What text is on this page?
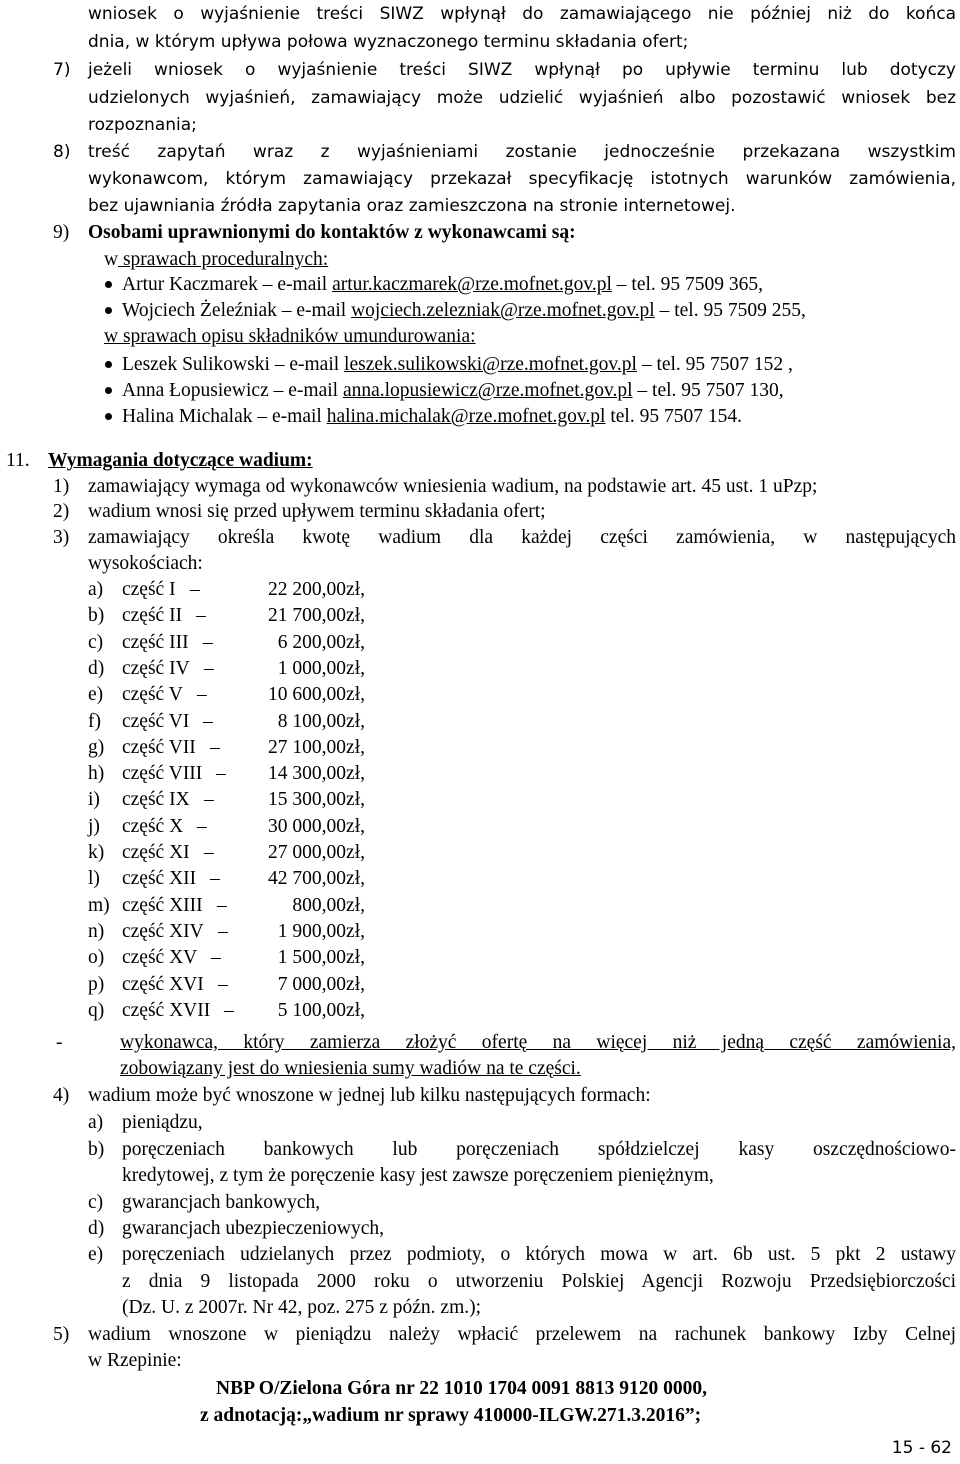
wniosek o wyjaśnienie treści SIWZ wpłynął do zamawiającego nie później niż do końca
dnia, w którym upływa połowa wyznaczonego terminu składania ofert;
7) jeżeli wniosek o wyjaśnienie treści SIWZ wpłynął po upływie terminu lub dotyczy
udzielonych wyjaśnień, zamawiający może udzielić wyjaśnień albo pozostawić wniosek bez
rozpoznania;
8) treść zapytań wraz z wyjaśnieniami zostanie jednocześnie przekazana wszystkim
wykonawcom, którym zamawiający przekazał specyfikację istotnych warunków zamówienia,
bez ujawniania źródła zapytania oraz zamieszczona na stronie internetowej.
9) Osobami uprawnionymi do kontaktów z wykonawcami są:
w sprawach proceduralnych:
Artur Kaczmarek – e-mail artur.kaczmarek@rze.mofnet.gov.pl – tel. 95 7509 365,
Wojciech Żeleźniak – e-mail wojciech.zelezniak@rze.mofnet.gov.pl – tel. 95 7509 255,
w sprawach opisu składników umundurowania:
Leszek Sulikowski – e-mail leszek.sulikowski@rze.mofnet.gov.pl – tel. 95 7507 152 ,
Anna Łopusiewicz – e-mail anna.lopusiewicz@rze.mofnet.gov.pl – tel. 95 7507 130,
Halina Michalak – e-mail halina.michalak@rze.mofnet.gov.pl tel. 95 7507 154.
11. Wymagania dotyczące wadium:
1) zamawiający wymaga od wykonawców wniesienia wadium, na podstawie art. 45 ust. 1 uPzp;
2) wadium wnosi się przed upływem terminu składania ofert;
3) zamawiający określa kwotę wadium dla każdej części zamówienia, w następujących
wysokościach:
a) część I –	22 200,00zł,
b) część II –	21 700,00zł,
c) część III –	6 200,00zł,
d) część IV –	1 000,00zł,
e) część V –	10 600,00zł,
f) część VI –	8 100,00zł,
g) część VII – 27 100,00zł,
h) część VIII – 14 300,00zł,
i) część IX –	15 300,00zł,
j) część X –	30 000,00zł,
k) część XI –	27 000,00zł,
l) część XII – 42 700,00zł,
m) część XIII –	800,00zł,
n) część XIV –	1 900,00zł,
o) część XV –	1 500,00zł,
p) część XVI –	7 000,00zł,
q) część XVII – 5 100,00zł,
-	wykonawca, który zamierza złożyć ofertę na więcej niż jedną część zamówienia,
zobowiązany jest do wniesienia sumy wadiów na te części.
4) wadium może być wnoszone w jednej lub kilku następujących formach:
a) pieniądzu,
b) poręczeniach bankowych lub poręczeniach spółdzielczej kasy oszczędnościowo-
kredytowej, z tym że poręczenie kasy jest zawsze poręczeniem pieniężnym,
c) gwarancjach bankowych,
d) gwarancjach ubezpieczeniowych,
e) poręczeniach udzielanych przez podmioty, o których mowa w art. 6b ust. 5 pkt 2 ustawy
z dnia 9 listopada 2000 roku o utworzeniu Polskiej Agencji Rozwoju Przedsiębiorczości
(Dz. U. z 2007r. Nr 42, poz. 275 z późn. zm.);
5) wadium wnoszone w pieniądzu należy wpłacić przelewem na rachunek bankowy Izby Celnej
w Rzepinie:
NBP O/Zielona Góra nr 22 1010 1704 0091 8813 9120 0000,
z adnotacją:„wadium nr sprawy 410000-ILGW.271.3.2016”;
15 - 62
